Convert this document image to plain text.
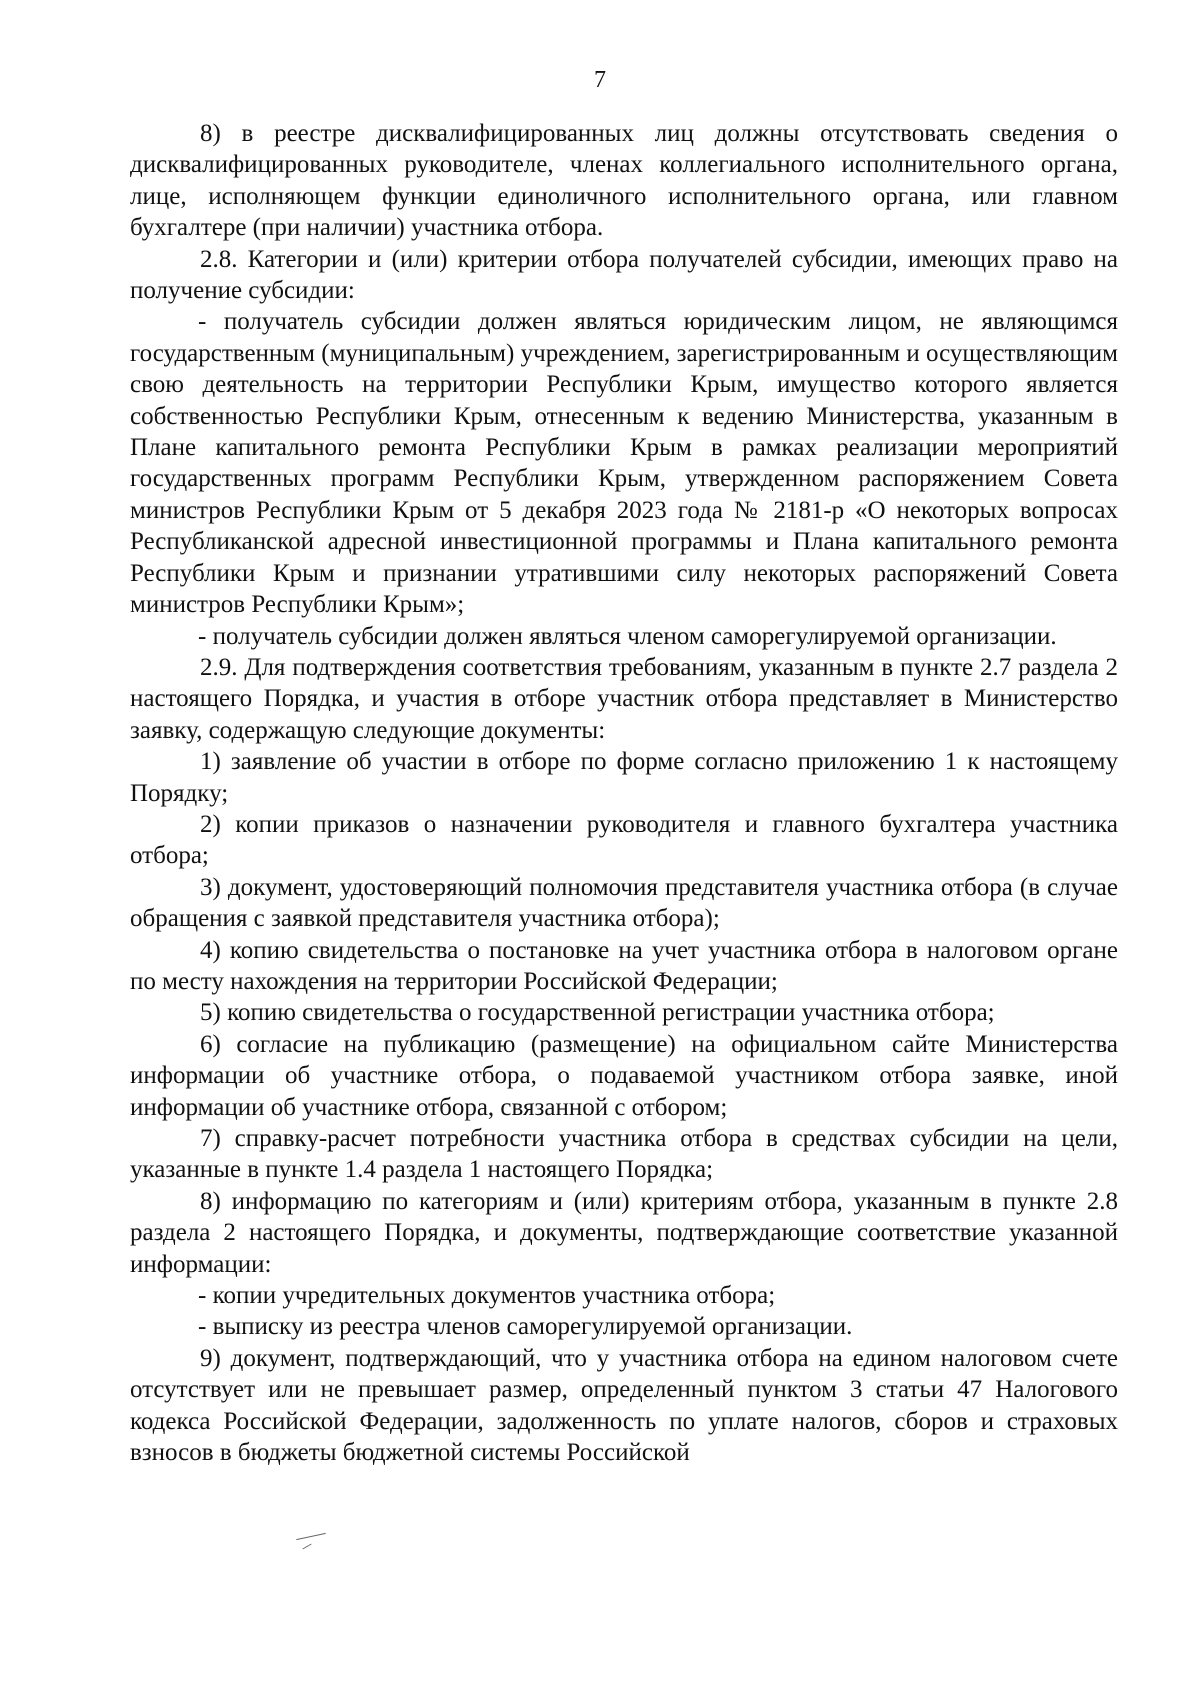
7

8) в реестре дисквалифицированных лиц должны отсутствовать сведения о дисквалифицированных руководителе, членах коллегиального исполнительного органа, лице, исполняющем функции единоличного исполнительного органа, или главном бухгалтере (при наличии) участника отбора.

2.8. Категории и (или) критерии отбора получателей субсидии, имеющих право на получение субсидии:

- получатель субсидии должен являться юридическим лицом, не являющимся государственным (муниципальным) учреждением, зарегистрированным и осуществляющим свою деятельность на территории Республики Крым, имущество которого является собственностью Республики Крым, отнесенным к ведению Министерства, указанным в Плане капитального ремонта Республики Крым в рамках реализации мероприятий государственных программ Республики Крым, утвержденном распоряжением Совета министров Республики Крым от 5 декабря 2023 года № 2181-р «О некоторых вопросах Республиканской адресной инвестиционной программы и Плана капитального ремонта Республики Крым и признании утратившими силу некоторых распоряжений Совета министров Республики Крым»;

- получатель субсидии должен являться членом саморегулируемой организации.

2.9. Для подтверждения соответствия требованиям, указанным в пункте 2.7 раздела 2 настоящего Порядка, и участия в отборе участник отбора представляет в Министерство заявку, содержащую следующие документы:

1) заявление об участии в отборе по форме согласно приложению 1 к настоящему Порядку;

2) копии приказов о назначении руководителя и главного бухгалтера участника отбора;

3) документ, удостоверяющий полномочия представителя участника отбора (в случае обращения с заявкой представителя участника отбора);

4) копию свидетельства о постановке на учет участника отбора в налоговом органе по месту нахождения на территории Российской Федерации;

5) копию свидетельства о государственной регистрации участника отбора;

6) согласие на публикацию (размещение) на официальном сайте Министерства информации об участнике отбора, о подаваемой участником отбора заявке, иной информации об участнике отбора, связанной с отбором;

7) справку-расчет потребности участника отбора в средствах субсидии на цели, указанные в пункте 1.4 раздела 1 настоящего Порядка;

8) информацию по категориям и (или) критериям отбора, указанным в пункте 2.8 раздела 2 настоящего Порядка, и документы, подтверждающие соответствие указанной информации:

- копии учредительных документов участника отбора;

- выписку из реестра членов саморегулируемой организации.

9) документ, подтверждающий, что у участника отбора на едином налоговом счете отсутствует или не превышает размер, определенный пунктом 3 статьи 47 Налогового кодекса Российской Федерации, задолженность по уплате налогов, сборов и страховых взносов в бюджеты бюджетной системы Российской
